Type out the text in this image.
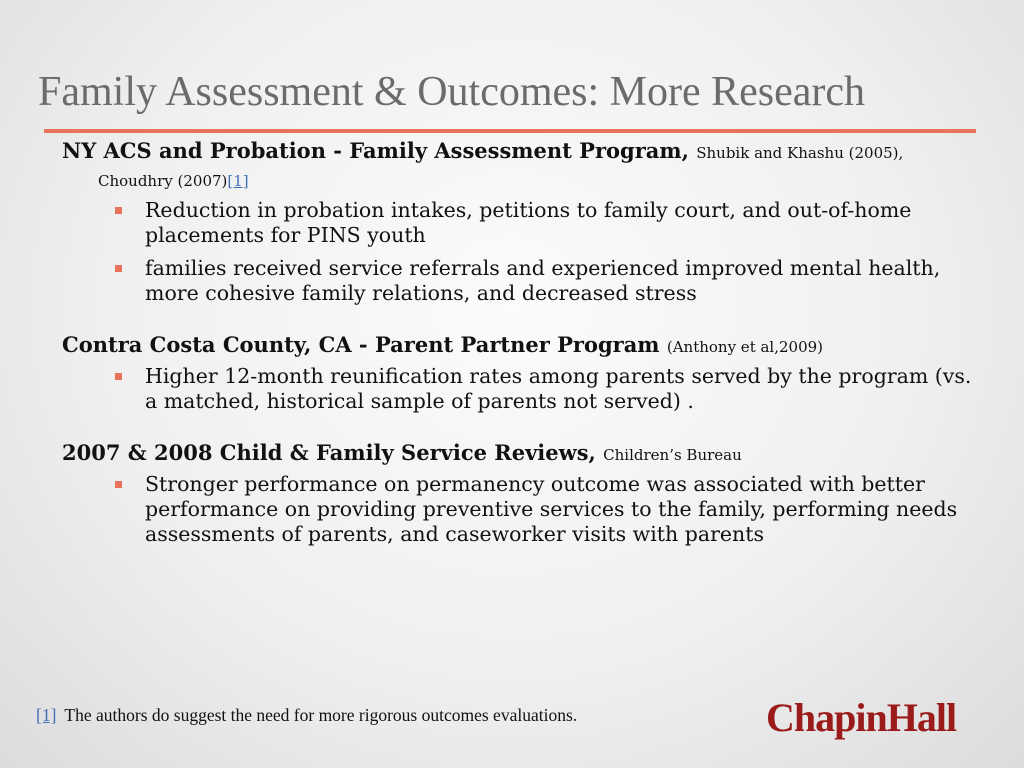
Family Assessment & Outcomes: More Research
NY ACS and Probation - Family Assessment Program, Shubik and Khashu (2005), Choudhry (2007)[1]
Reduction in probation intakes, petitions to family court, and out-of-home placements for PINS youth
families received service referrals and experienced improved mental health, more cohesive family relations, and decreased stress
Contra Costa County, CA - Parent Partner Program (Anthony et al,2009)
Higher 12-month reunification rates among parents served by the program (vs. a matched, historical sample of parents not served) .
2007 & 2008 Child & Family Service Reviews, Children’s Bureau
Stronger performance on permanency outcome was associated with better performance on providing preventive services to the family, performing needs assessments of parents, and caseworker visits with parents
[1] The authors do suggest the need for more rigorous outcomes evaluations.	ChapinHall
